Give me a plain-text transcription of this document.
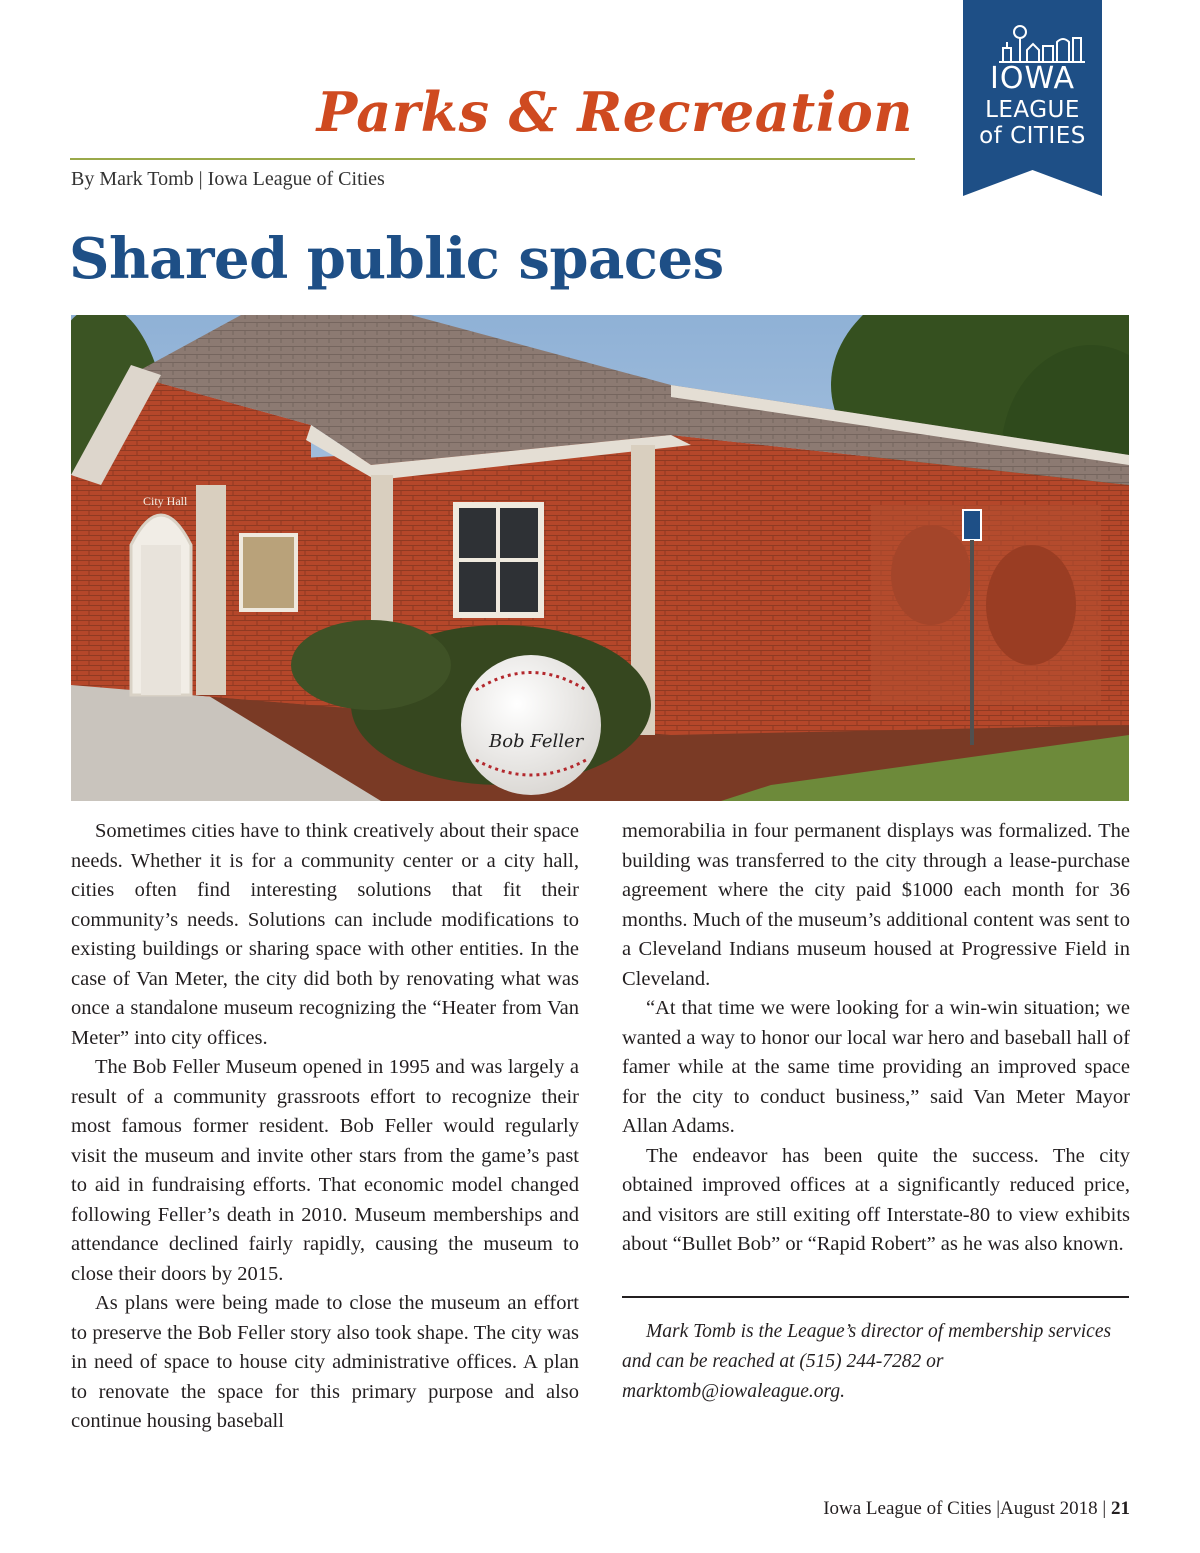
Parks & Recreation
By Mark Tomb | Iowa League of Cities
IOWA
LEAGUE
of CITIES
Shared public spaces
City Hall
Bob Feller

Sometimes cities have to think creatively about their space needs. Whether it is for a community center or a city hall, cities often find interesting solutions that fit their community’s needs. Solutions can include modifications to existing buildings or sharing space with other entities. In the case of Van Meter, the city did both by renovating what was once a standalone museum recognizing the “Heater from Van Meter” into city offices.

The Bob Feller Museum opened in 1995 and was largely a result of a community grassroots effort to recognize their most famous former resident. Bob Feller would regularly visit the museum and invite other stars from the game’s past to aid in fundraising efforts. That economic model changed following Feller’s death in 2010. Museum memberships and attendance declined fairly rapidly, causing the museum to close their doors by 2015.

As plans were being made to close the museum an effort to preserve the Bob Feller story also took shape. The city was in need of space to house city administrative offices. A plan to renovate the space for this primary purpose and also continue housing baseball

memorabilia in four permanent displays was formalized. The building was transferred to the city through a lease-purchase agreement where the city paid $1000 each month for 36 months. Much of the museum’s additional content was sent to a Cleveland Indians museum housed at Progressive Field in Cleveland.

“At that time we were looking for a win-win situation; we wanted a way to honor our local war hero and baseball hall of famer while at the same time providing an improved space for the city to conduct business,” said Van Meter Mayor Allan Adams.

The endeavor has been quite the success. The city obtained improved offices at a significantly reduced price, and visitors are still exiting off Interstate-80 to view exhibits about “Bullet Bob” or “Rapid Robert” as he was also known.

Mark Tomb is the League’s director of membership services and can be reached at (515) 244-7282 or marktomb@iowaleague.org.

Iowa League of Cities |August 2018 | 21
